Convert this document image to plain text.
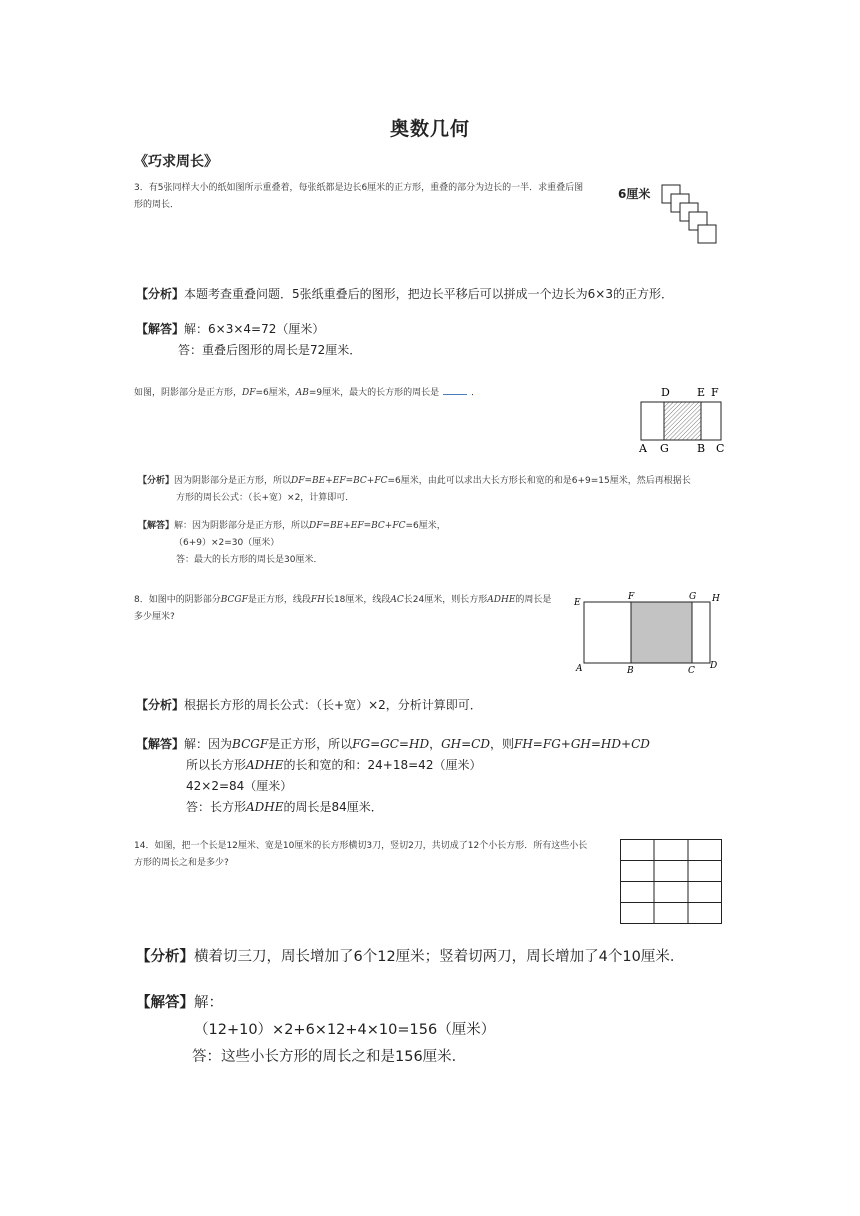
奥数几何
《巧求周长》
3．有5张同样大小的纸如图所示重叠着，每张纸都是边长6厘米的正方形，重叠的部分为边长的一半．求重叠后图
形的周长．
6厘米
【分析】本题考查重叠问题．5张纸重叠后的图形，把边长平移后可以拼成一个边长为6×3的正方形．
【解答】解：6×3×4=72（厘米）
答：重叠后图形的周长是72厘米．
如图，阴影部分是正方形，DF=6厘米，AB=9厘米，最大的长方形的周长是	．	D E F
A G	B C
【分析】因为阴影部分是正方形，所以DF=BE+EF=BC+FC=6厘米，由此可以求出大长方形长和宽的和是6+9=15厘米，然后再根据长
方形的周长公式：（长+宽）×2，计算即可．
【解答】解：因为阴影部分是正方形，所以DF=BE+EF=BC+FC=6厘米，
（6+9）×2=30（厘米）
答：最大的长方形的周长是30厘米．
8．如图中的阴影部分BCGF是正方形，线段FH长18厘米，线段AC长24厘米，则长方形ADHE的周长是
多少厘米?
E
F	G H
A	B	C D
【分析】根据长方形的周长公式：（长+宽）×2，分析计算即可．
【解答】解：因为BCGF是正方形，所以FG=GC=HD，GH=CD，则FH=FG+GH=HD+CD
所以长方形ADHE的长和宽的和：24+18=42（厘米）
42×2=84（厘米）
答：长方形ADHE的周长是84厘米．
14．如图，把一个长是12厘米、宽是10厘米的长方形横切3刀，竖切2刀，共切成了12个小长方形．所有这些小长
方形的周长之和是多少?
【分析】横着切三刀，周长增加了6个12厘米；竖着切两刀，周长增加了4个10厘米．
【解答】解：
（12+10）×2+6×12+4×10=156（厘米）
答：这些小长方形的周长之和是156厘米．
